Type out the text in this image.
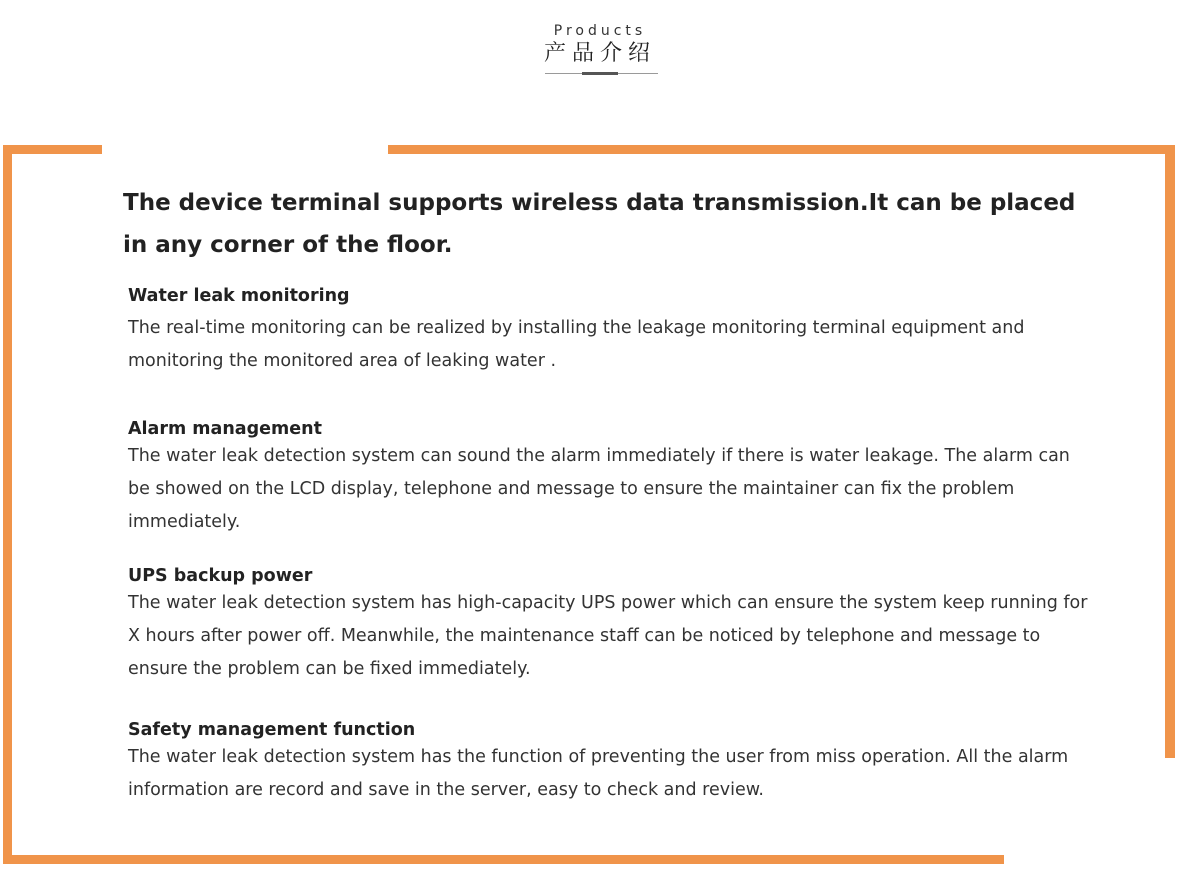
Products
产品介绍
The device terminal supports wireless data transmission.It can be placed in any corner of the floor.
Water leak monitoring
The real-time monitoring can be realized by installing the leakage monitoring terminal equipment and monitoring the monitored area of leaking water .
Alarm management
The water leak detection system can sound the alarm immediately if there is water leakage. The alarm can be showed on the LCD display, telephone and message to ensure the maintainer can fix the problem immediately.
UPS backup power
The water leak detection system has high-capacity UPS power which can ensure the system keep running for X hours after power off. Meanwhile, the maintenance staff can be noticed by telephone and message to ensure the problem can be fixed immediately.
Safety management function
The water leak detection system has the function of preventing the user from miss operation. All the alarm information are record and save in the server, easy to check and review.
